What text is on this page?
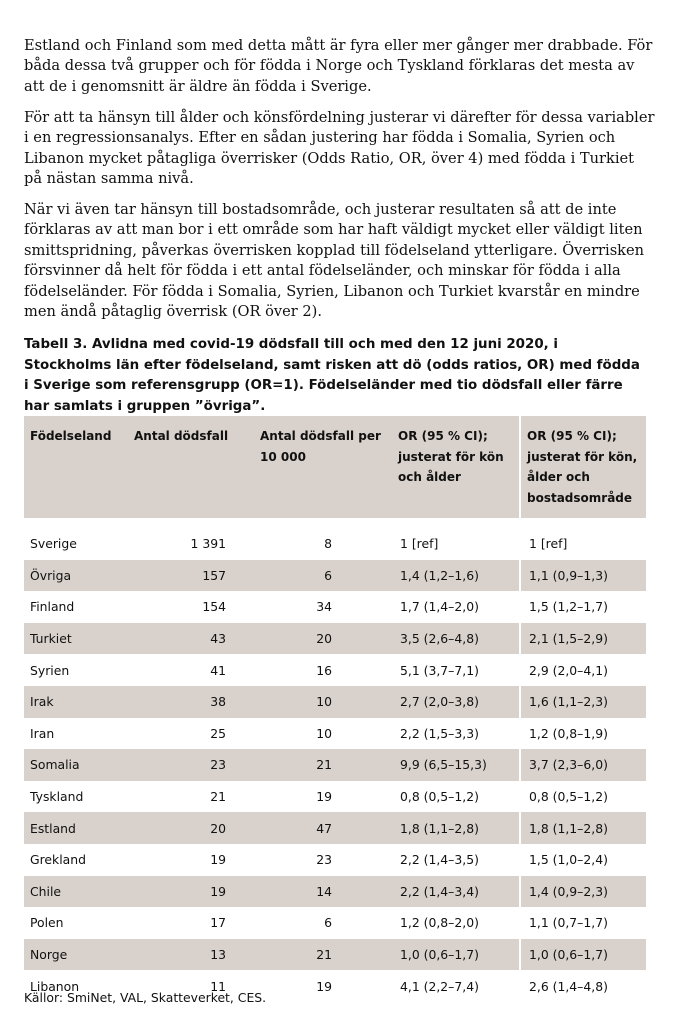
Estland och Finland som med detta mått är fyra eller mer gånger mer drabbade. För båda dessa två grupper och för födda i Norge och Tyskland förklaras det mesta av att de i genomsnitt är äldre än födda i Sverige.

För att ta hänsyn till ålder och könsfördelning justerar vi därefter för dessa variabler i en regressionsanalys. Efter en sådan justering har födda i Somalia, Syrien och Libanon mycket påtagliga överrisker (Odds Ratio, OR, över 4) med födda i Turkiet på nästan samma nivå.

När vi även tar hänsyn till bostadsområde, och justerar resultaten så att de inte förklaras av att man bor i ett område som har haft väldigt mycket eller väldigt liten smittspridning, påverkas överrisken kopplad till födelseland ytterligare. Överrisken försvinner då helt för födda i ett antal födelseländer, och minskar för födda i alla födelseländer. För födda i Somalia, Syrien, Libanon och Turkiet kvarstår en mindre men ändå påtaglig överrisk (OR över 2).

Tabell 3. Avlidna med covid-19 dödsfall till och med den 12 juni 2020, i Stockholms län efter födelseland, samt risken att dö (odds ratios, OR) med födda i Sverige som referensgrupp (OR=1). Födelseländer med tio dödsfall eller färre har samlats i gruppen ”övriga”.

Födelseland	Antal dödsfall	Antal dödsfall per 10 000	OR (95 % CI); justerat för kön och ålder	OR (95 % CI); justerat för kön, ålder och bostadsområde
Sverige	1 391	8	1 [ref]	1 [ref]
Övriga	157	6	1,4 (1,2–1,6)	1,1 (0,9–1,3)
Finland	154	34	1,7 (1,4–2,0)	1,5 (1,2–1,7)
Turkiet	43	20	3,5 (2,6–4,8)	2,1 (1,5–2,9)
Syrien	41	16	5,1 (3,7–7,1)	2,9 (2,0–4,1)
Irak	38	10	2,7 (2,0–3,8)	1,6 (1,1–2,3)
Iran	25	10	2,2 (1,5–3,3)	1,2 (0,8–1,9)
Somalia	23	21	9,9 (6,5–15,3)	3,7 (2,3–6,0)
Tyskland	21	19	0,8 (0,5–1,2)	0,8 (0,5–1,2)
Estland	20	47	1,8 (1,1–2,8)	1,8 (1,1–2,8)
Grekland	19	23	2,2 (1,4–3,5)	1,5 (1,0–2,4)
Chile	19	14	2,2 (1,4–3,4)	1,4 (0,9–2,3)
Polen	17	6	1,2 (0,8–2,0)	1,1 (0,7–1,7)
Norge	13	21	1,0 (0,6–1,7)	1,0 (0,6–1,7)
Libanon	11	19	4,1 (2,2–7,4)	2,6 (1,4–4,8)

Källor: SmiNet, VAL, Skatteverket, CES.
